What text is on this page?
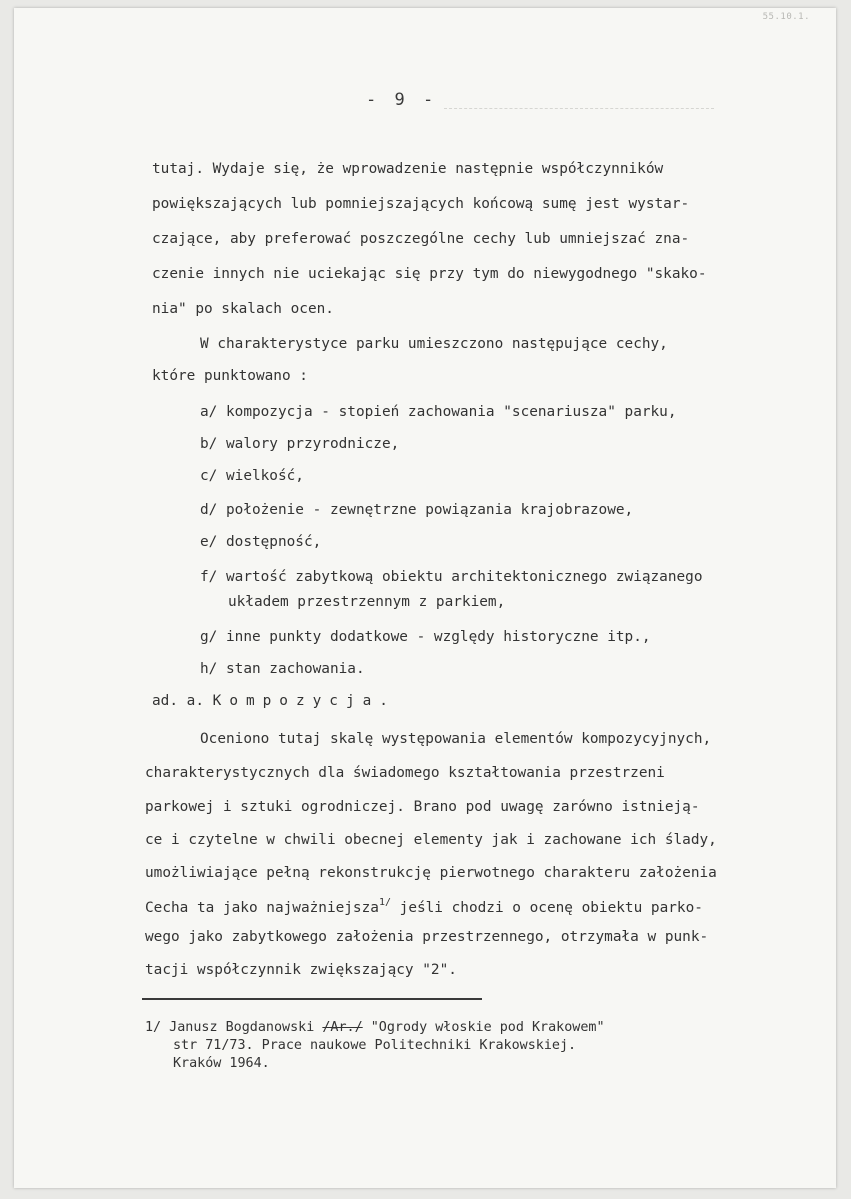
55.10.1.
- 9 -
tutaj. Wydaje się, że wprowadzenie następnie współczynników
powiększających lub pomniejszających końcową sumę jest wystar-
czające, aby preferować poszczególne cechy lub umniejszać zna-
czenie innych nie uciekając się przy tym do niewygodnego "skako-
nia" po skalach ocen.
W charakterystyce parku umieszczono następujące cechy,
które punktowano :
a/ kompozycja - stopień zachowania "scenariusza" parku,
b/ walory przyrodnicze,
c/ wielkość,
d/ położenie - zewnętrzne powiązania krajobrazowe,
e/ dostępność,
f/ wartość zabytkową obiektu architektonicznego związanego
układem przestrzennym z parkiem,
g/ inne punkty dodatkowe - względy historyczne itp.,
h/ stan zachowania.
ad. a. Kompozycja.
Oceniono tutaj skalę występowania elementów kompozycyjnych,
charakterystycznych dla świadomego kształtowania przestrzeni
parkowej i sztuki ogrodniczej. Brano pod uwagę zarówno istnieją-
ce i czytelne w chwili obecnej elementy jak i zachowane ich ślady,
umożliwiające pełną rekonstrukcję pierwotnego charakteru założenia
Cecha ta jako najważniejsza$^{1/}$ jeśli chodzi o ocenę obiektu parko-
wego jako zabytkowego założenia przestrzennego, otrzymała w punk-
tacji współczynnik zwiększający "2".
1/ Janusz Bogdanowski /Ar./ "Ogrody włoskie pod Krakowem"
str 71/73. Prace naukowe Politechniki Krakowskiej.
Kraków 1964.
